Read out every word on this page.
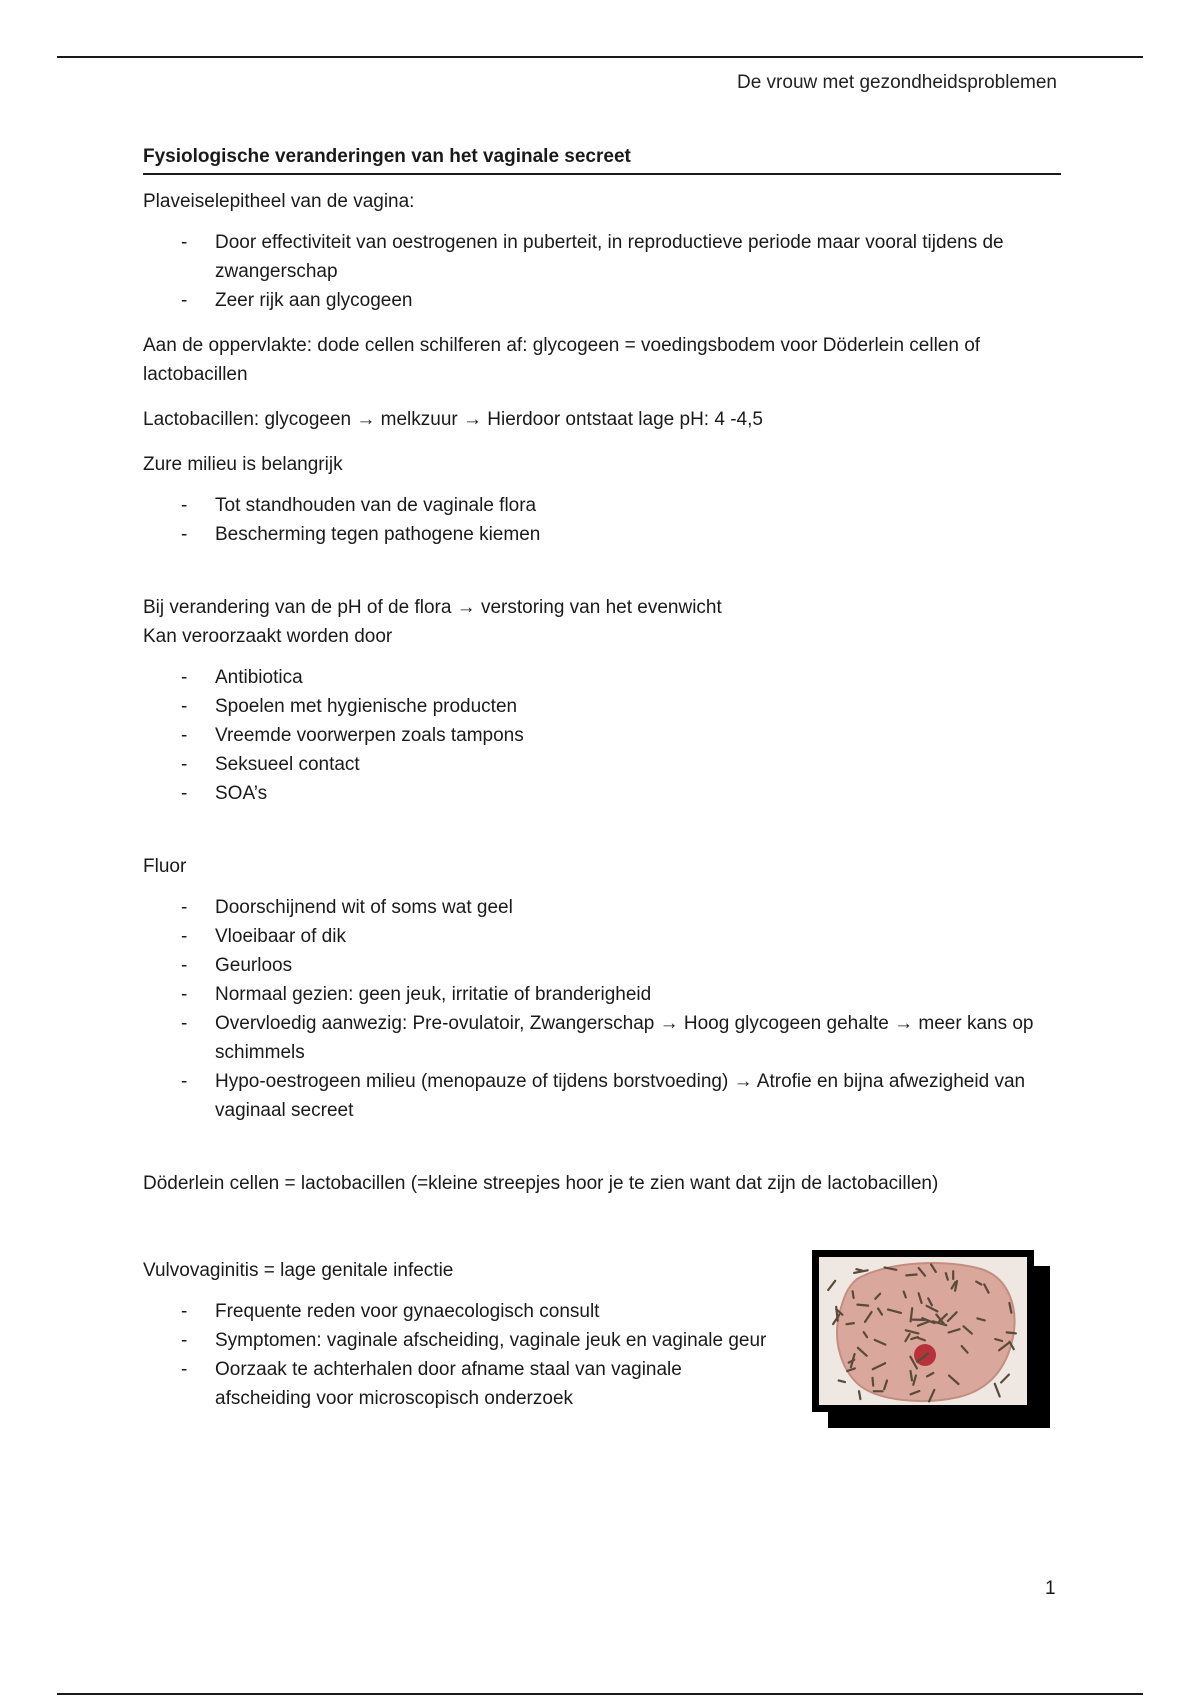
De vrouw met gezondheidsproblemen
Fysiologische veranderingen van het vaginale secreet

Plaveiselepitheel van de vagina:

- Door effectiviteit van oestrogenen in puberteit, in reproductieve periode maar vooral tijdens de zwangerschap
- Zeer rijk aan glycogeen

Aan de oppervlakte: dode cellen schilferen af: glycogeen = voedingsbodem voor Döderlein cellen of lactobacillen

Lactobacillen: glycogeen → melkzuur → Hierdoor ontstaat lage pH: 4 -4,5

Zure milieu is belangrijk

- Tot standhouden van de vaginale flora
- Bescherming tegen pathogene kiemen

Bij verandering van de pH of de flora → verstoring van het evenwicht

Kan veroorzaakt worden door

- Antibiotica
- Spoelen met hygienische producten
- Vreemde voorwerpen zoals tampons
- Seksueel contact
- SOA’s

Fluor

- Doorschijnend wit of soms wat geel
- Vloeibaar of dik
- Geurloos
- Normaal gezien: geen jeuk, irritatie of branderigheid
- Overvloedig aanwezig: Pre-ovulatoir, Zwangerschap → Hoog glycogeen gehalte → meer kans op schimmels
- Hypo-oestrogeen milieu (menopauze of tijdens borstvoeding) → Atrofie en bijna afwezigheid van vaginaal secreet

Döderlein cellen = lactobacillen (=kleine streepjes hoor je te zien want dat zijn de lactobacillen)

Vulvovaginitis = lage genitale infectie

- Frequente reden voor gynaecologisch consult
- Symptomen: vaginale afscheiding, vaginale jeuk en vaginale geur
- Oorzaak te achterhalen door afname staal van vaginale afscheiding voor microscopisch onderzoek
1
